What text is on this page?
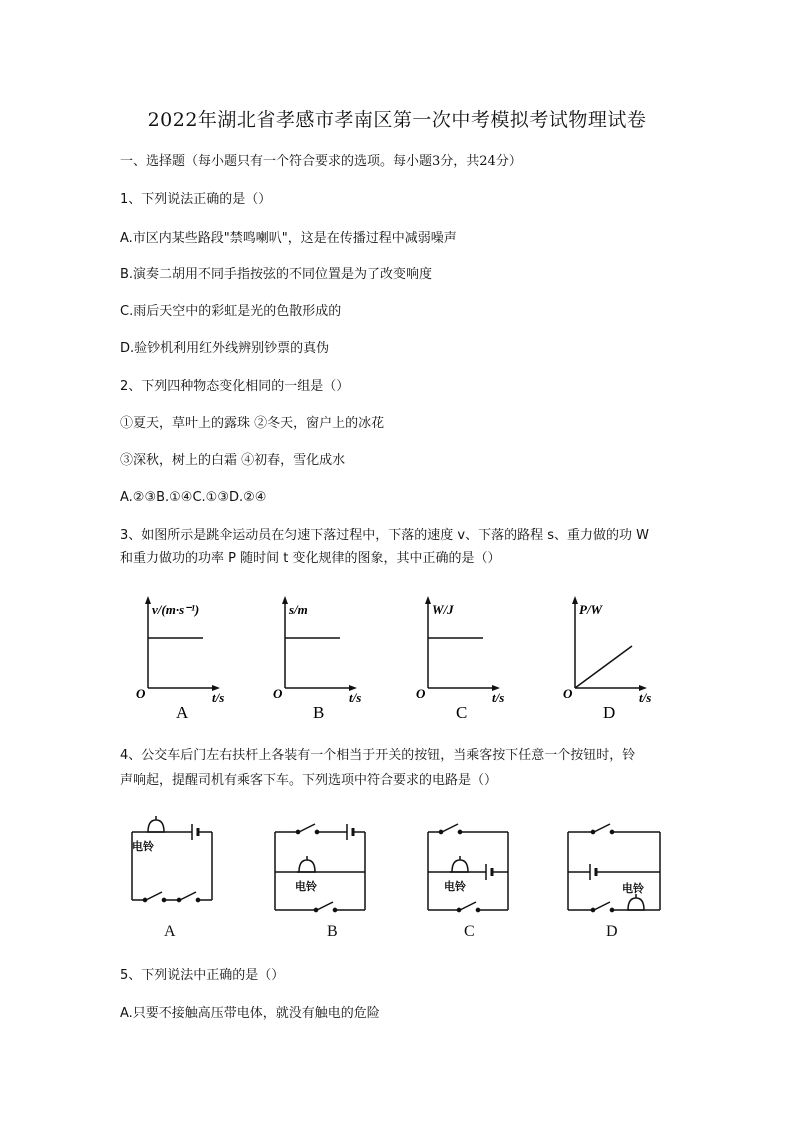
2022年湖北省孝感市孝南区第一次中考模拟考试物理试卷
一、选择题（每小题只有一个符合要求的选项。每小题3分，共24分）
1、下列说法正确的是（）
A.市区内某些路段"禁鸣喇叭"，这是在传播过程中减弱噪声
B.演奏二胡用不同手指按弦的不同位置是为了改变响度
C.雨后天空中的彩虹是光的色散形成的
D.验钞机利用红外线辨别钞票的真伪
2、下列四种物态变化相同的一组是（）
①夏天，草叶上的露珠 ②冬天，窗户上的冰花
③深秋，树上的白霜 ④初春，雪化成水
A.②③B.①④C.①③D.②④
3、如图所示是跳伞运动员在匀速下落过程中，下落的速度 v、下落的路程 s、重力做的功 W
和重力做功的功率 P 随时间 t 变化规律的图象，其中正确的是（）
v/(m·s⁻¹)
t/s
O
A
s/m
t/s
O
B
W/J
t/s
O
C
P/W
t/s
O
D
4、公交车后门左右扶杆上各装有一个相当于开关的按钮，当乘客按下任意一个按钮时，铃
声响起，提醒司机有乘客下车。下列选项中符合要求的电路是（）
电铃
A
电铃
B
电铃
C
电铃
D
5、下列说法中正确的是（）
A.只要不接触高压带电体，就没有触电的危险
